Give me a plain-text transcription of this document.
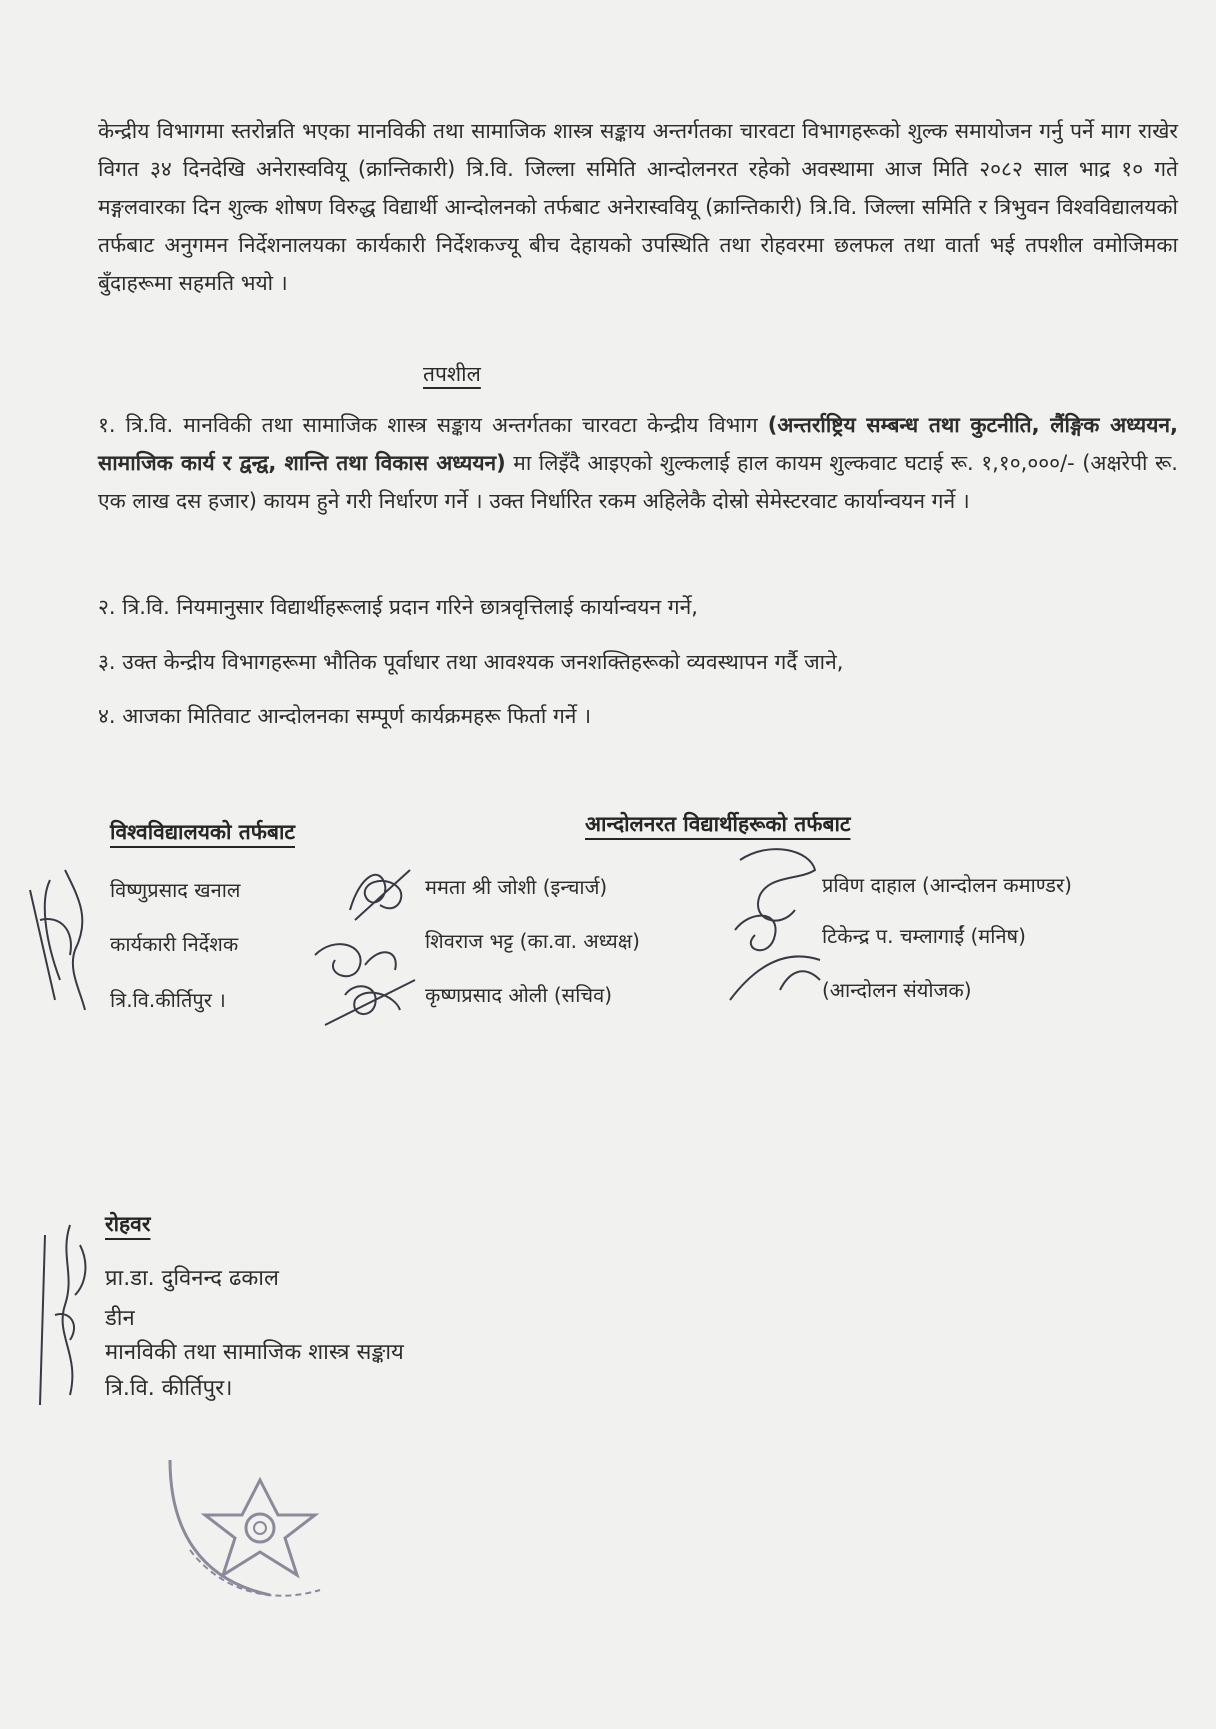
केन्द्रीय विभागमा स्तरोन्नति भएका मानविकी तथा सामाजिक शास्त्र सङ्काय अन्तर्गतका चारवटा विभागहरूको शुल्क समायोजन गर्नु पर्ने माग राखेर विगत ३४ दिनदेखि अनेरास्ववियू (क्रान्तिकारी) त्रि.वि. जिल्ला समिति आन्दोलनरत रहेको अवस्थामा आज मिति २०८२ साल भाद्र १० गते मङ्गलवारका दिन शुल्क शोषण विरुद्ध विद्यार्थी आन्दोलनको तर्फबाट अनेरास्ववियू (क्रान्तिकारी) त्रि.वि. जिल्ला समिति र त्रिभुवन विश्वविद्यालयको तर्फबाट अनुगमन निर्देशनालयका कार्यकारी निर्देशकज्यू बीच देहायको उपस्थिति तथा रोहवरमा छलफल तथा वार्ता भई तपशील वमोजिमका बुँदाहरूमा सहमति भयो ।

तपशील

१. त्रि.वि. मानविकी तथा सामाजिक शास्त्र सङ्काय अन्तर्गतका चारवटा केन्द्रीय विभाग (अन्तर्राष्ट्रिय सम्बन्ध तथा कुटनीति, लैंङ्गिक अध्ययन, सामाजिक कार्य र द्वन्द्व, शान्ति तथा विकास अध्ययन) मा लिइँदै आइएको शुल्कलाई हाल कायम शुल्कवाट घटाई रू. १,१०,०००/- (अक्षरेपी रू. एक लाख दस हजार) कायम हुने गरी निर्धारण गर्ने । उक्त निर्धारित रकम अहिलेकै दोस्रो सेमेस्टरवाट कार्यान्वयन गर्ने ।

२. त्रि.वि. नियमानुसार विद्यार्थीहरूलाई प्रदान गरिने छात्रवृत्तिलाई कार्यान्वयन गर्ने,

३. उक्त केन्द्रीय विभागहरूमा भौतिक पूर्वाधार तथा आवश्यक जनशक्तिहरूको व्यवस्थापन गर्दै जाने,

४. आजका मितिवाट आन्दोलनका सम्पूर्ण कार्यक्रमहरू फिर्ता गर्ने ।

विश्वविद्यालयको तर्फबाट	आन्दोलनरत विद्यार्थीहरूको तर्फबाट
विष्णुप्रसाद खनाल
कार्यकारी निर्देशक
त्रि.वि.कीर्तिपुर ।
ममता श्री जोशी (इन्चार्ज)
शिवराज भट्ट (का.वा. अध्यक्ष)
कृष्णप्रसाद ओली (सचिव)
प्रविण दाहाल (आन्दोलन कमाण्डर)
टिकेन्द्र प. चम्लागाईं (मनिष)
(आन्दोलन संयोजक)
रोहवर
प्रा.डा. दुविनन्द ढकाल
डीन
मानविकी तथा सामाजिक शास्त्र सङ्काय
त्रि.वि. कीर्तिपुर।
